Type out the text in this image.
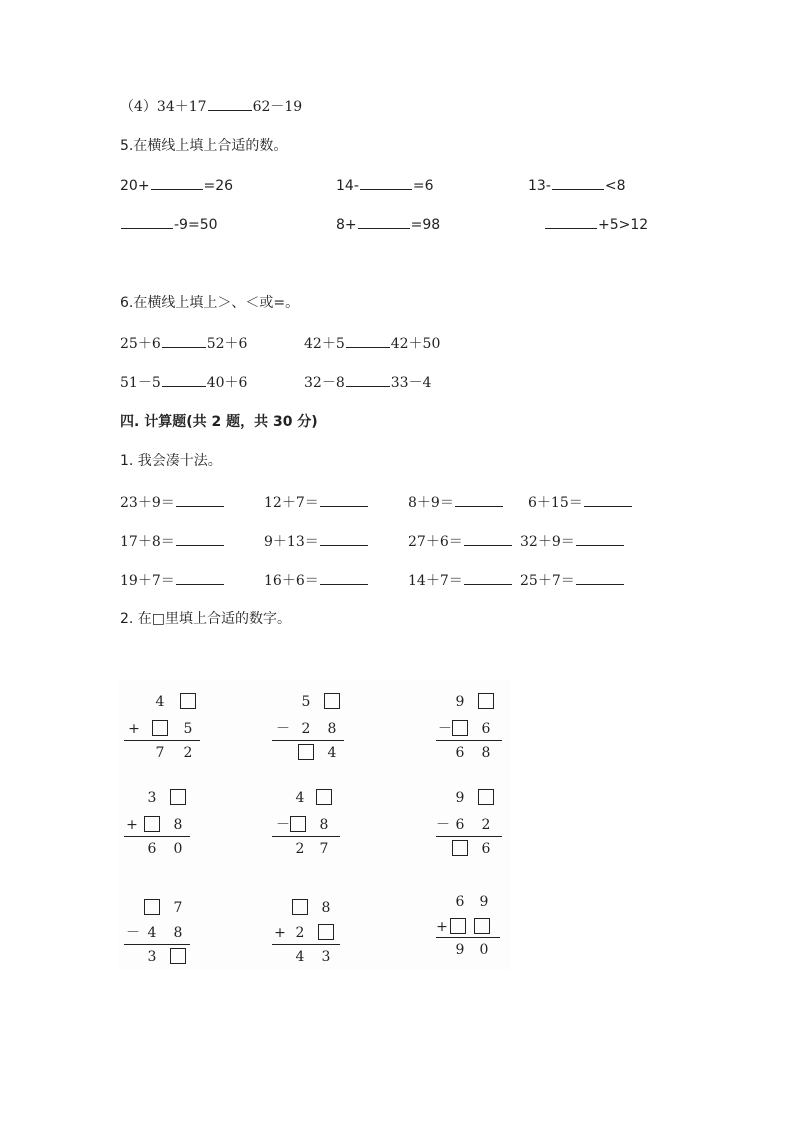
（4）34＋17	62－19
5.在横线上填上合适的数。
20+	=26	14-	=6	13-	<8
-9=50	8+	=98	+5>12
6.在横线上填上＞、＜或=。
25＋6	52＋6	42＋5	42＋50
51－5	40＋6	32－8	33－4
四. 计算题(共 2 题，共 30 分)
1. 我会凑十法。
23＋9＝	12＋7＝	8＋9＝	6＋15＝
17＋8＝	9＋13＝	27＋6＝	32＋9＝
19＋7＝	16＋6＝	14＋7＝	25＋7＝
2. 在□里填上合适的数字。
4
+	5
7 2
5
－ 2 8
4
9
－ 6
6 8
3
+	8
6 0
4
－ 8
2 7
9
－ 6 2
6
7
－ 4 8
3
8
+ 2
4 3
6 9
+
9 0
